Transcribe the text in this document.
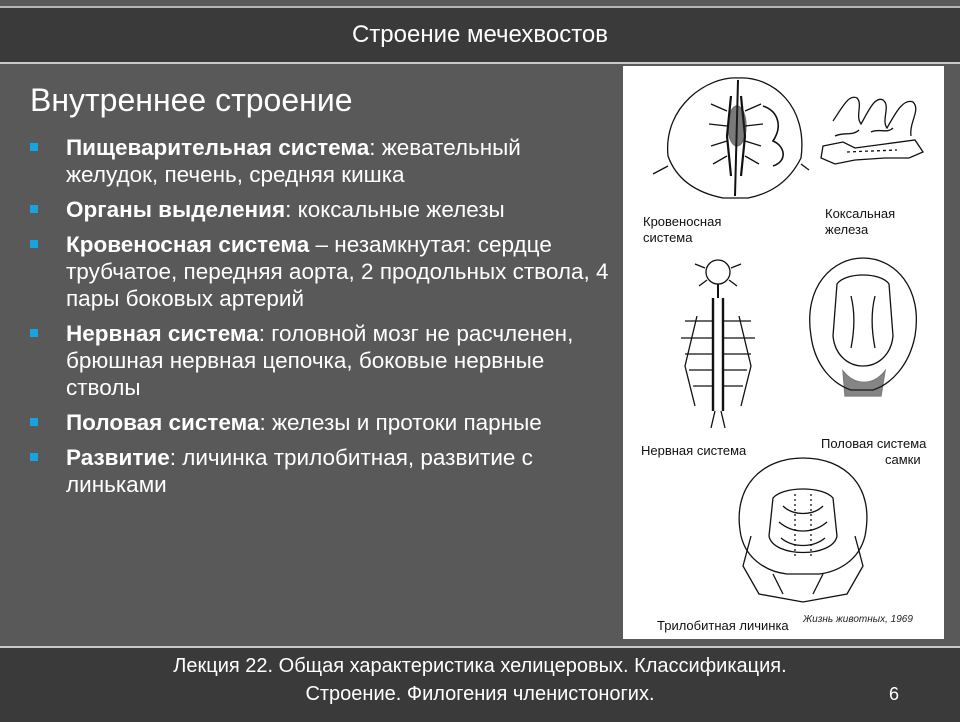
Строение мечехвостов
Внутреннее строение
Пищеварительная система: жевательный желудок, печень, средняя кишка
Органы выделения: коксальные железы
Кровеносная система – незамкнутая: сердце трубчатое, передняя аорта, 2 продольных ствола, 4 пары боковых артерий
Нервная система: головной мозг не расчленен, брюшная нервная цепочка, боковые нервные стволы
Половая система: железы и протоки парные
Развитие: личинка трилобитная, развитие с линьками
Кровеносная
система
Коксальная
железа
Нервная система	Половая система
самки
Трилобитная личинка Жизнь животных, 1969
Лекция 22. Общая характеристика хелицеровых. Классификация.
Строение. Филогения членистоногих.	6
